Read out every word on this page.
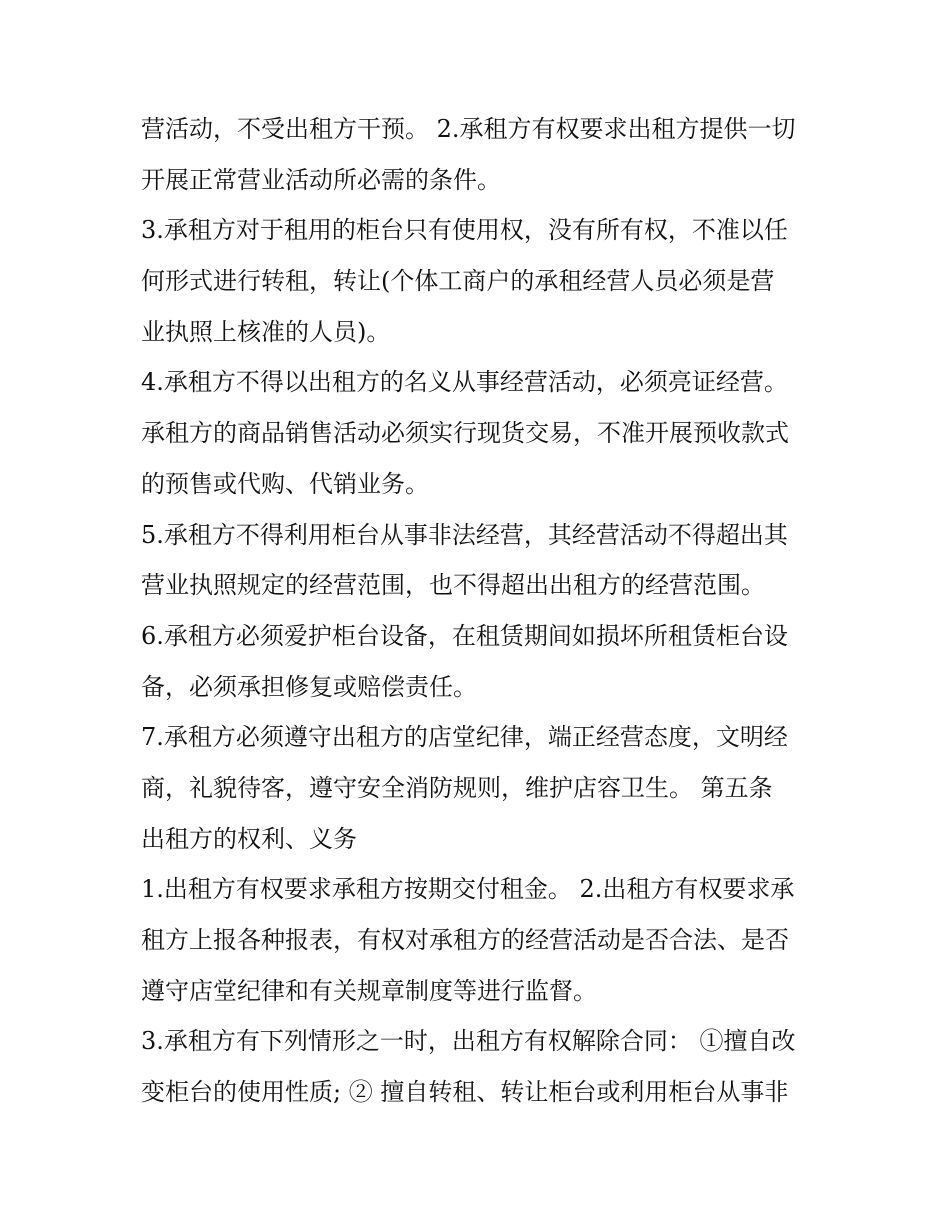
营活动，不受出租方干预。 2.承租方有权要求出租方提供一切

开展正常营业活动所必需的条件。

3.承租方对于租用的柜台只有使用权，没有所有权，不准以任

何形式进行转租，转让(个体工商户的承租经营人员必须是营

业执照上核准的人员)。

4.承租方不得以出租方的名义从事经营活动，必须亮证经营。

承租方的商品销售活动必须实行现货交易，不准开展预收款式

的预售或代购、代销业务。

5.承租方不得利用柜台从事非法经营，其经营活动不得超出其

营业执照规定的经营范围，也不得超出出租方的经营范围。

6.承租方必须爱护柜台设备，在租赁期间如损坏所租赁柜台设

备，必须承担修复或赔偿责任。

7.承租方必须遵守出租方的店堂纪律，端正经营态度，文明经

商，礼貌待客，遵守安全消防规则，维护店容卫生。 第五条

出租方的权利、义务

1.出租方有权要求承租方按期交付租金。 2.出租方有权要求承

租方上报各种报表，有权对承租方的经营活动是否合法、是否

遵守店堂纪律和有关规章制度等进行监督。

3.承租方有下列情形之一时，出租方有权解除合同： ①擅自改

变柜台的使用性质; ② 擅自转租、转让柜台或利用柜台从事非
